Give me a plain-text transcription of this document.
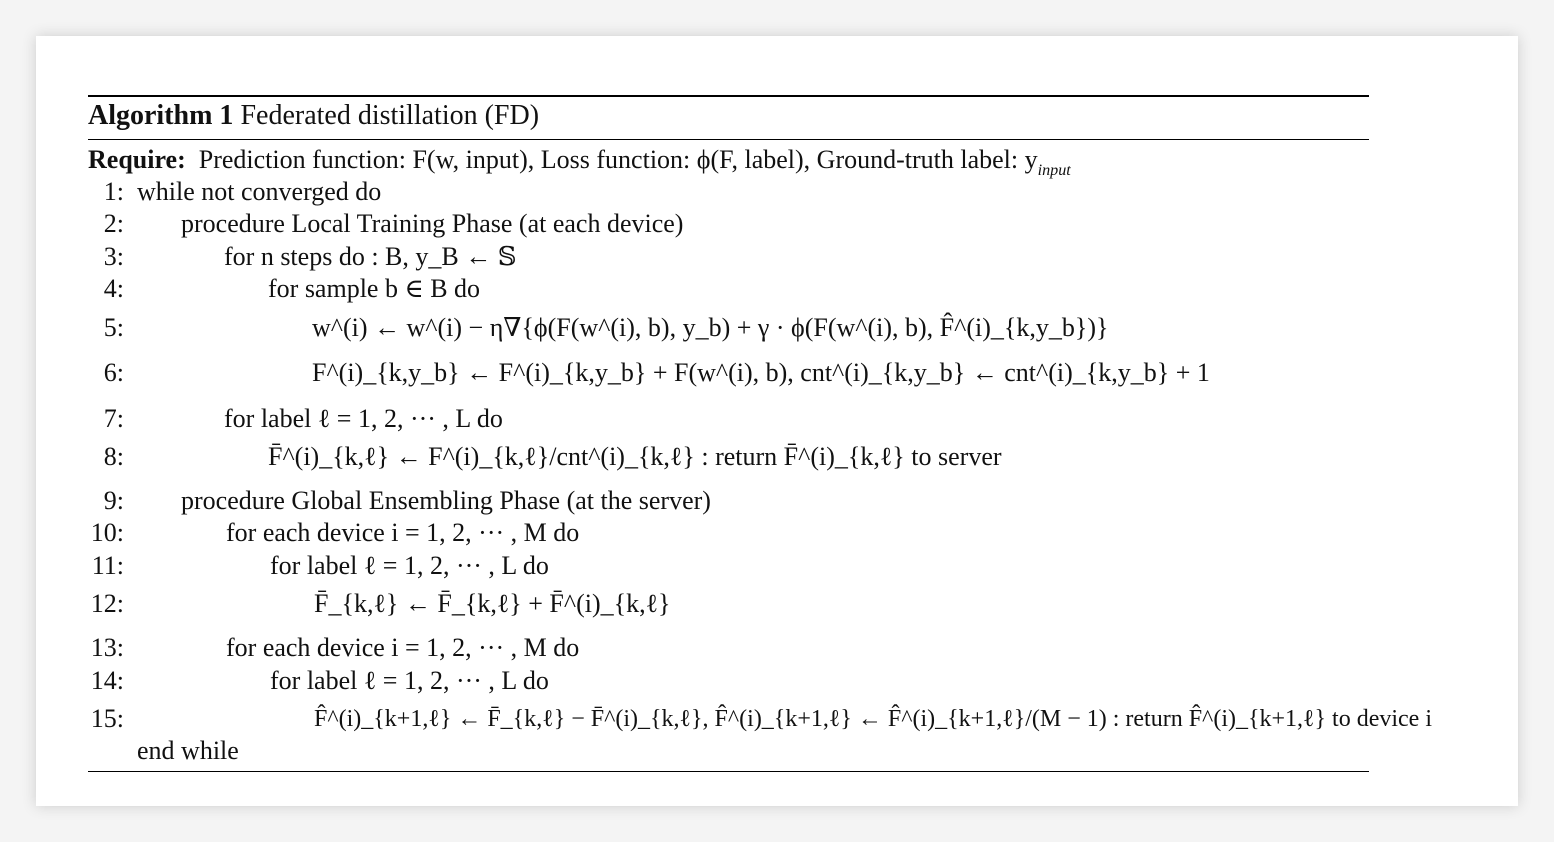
Algorithm 1 Federated distillation (FD)
Require: Prediction function: F(w, input), Loss function: ϕ(F, label), Ground-truth label: $y_{input}$
1:
2:
3:
4:
5:
6:
7:
8:
9:
10:
11:
12:
13:
14:
15:
while not converged do
procedure Local Training Phase (at each device)
for n steps do : B, y_B ← 𝕊
for sample b ∈ B do
w^(i) ← w^(i) − η∇{ϕ(F(w^(i), b), y_b) + γ · ϕ(F(w^(i), b), F̂^(i)_{k,y_b})}
F^(i)_{k,y_b} ← F^(i)_{k,y_b} + F(w^(i), b), cnt^(i)_{k,y_b} ← cnt^(i)_{k,y_b} + 1
for label ℓ = 1, 2, ··· , L do
F̄^(i)_{k,ℓ} ← F^(i)_{k,ℓ}/cnt^(i)_{k,ℓ} : return F̄^(i)_{k,ℓ} to server
procedure Global Ensembling Phase (at the server)
for each device i = 1, 2, ··· , M do
for label ℓ = 1, 2, ··· , L do
F̄_{k,ℓ} ← F̄_{k,ℓ} + F̄^(i)_{k,ℓ}
for each device i = 1, 2, ··· , M do
for label ℓ = 1, 2, ··· , L do
F̂^(i)_{k+1,ℓ} ← F̄_{k,ℓ} − F̄^(i)_{k,ℓ}, F̂^(i)_{k+1,ℓ} ← F̂^(i)_{k+1,ℓ}/(M − 1) : return F̂^(i)_{k+1,ℓ} to device i
end while
